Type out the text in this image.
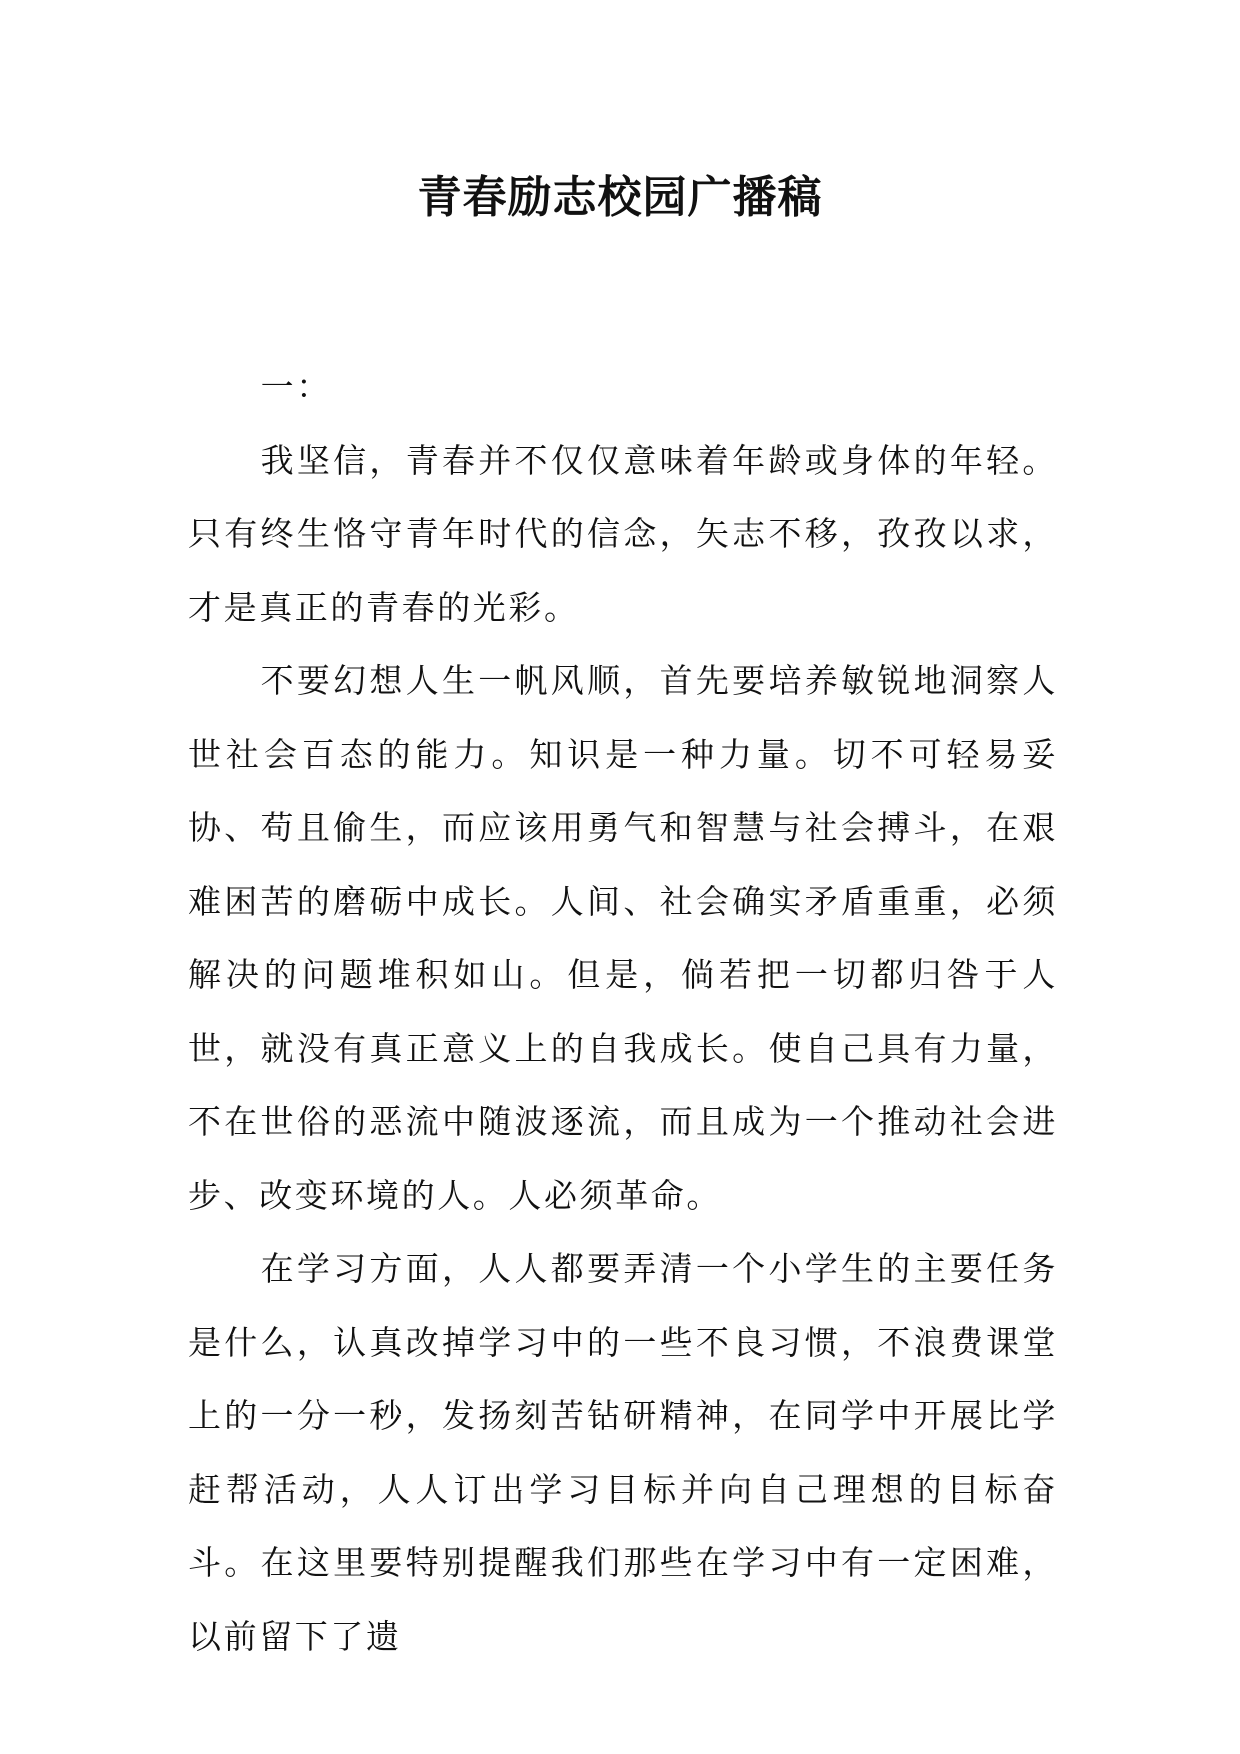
青春励志校园广播稿

一：

我坚信，青春并不仅仅意味着年龄或身体的年轻。只有终生恪守青年时代的信念，矢志不移，孜孜以求，才是真正的青春的光彩。

不要幻想人生一帆风顺，首先要培养敏锐地洞察人世社会百态的能力。知识是一种力量。切不可轻易妥协、苟且偷生，而应该用勇气和智慧与社会搏斗，在艰难困苦的磨砺中成长。人间、社会确实矛盾重重，必须解决的问题堆积如山。但是，倘若把一切都归咎于人世，就没有真正意义上的自我成长。使自己具有力量，不在世俗的恶流中随波逐流，而且成为一个推动社会进步、改变环境的人。人必须革命。

在学习方面，人人都要弄清一个小学生的主要任务是什么，认真改掉学习中的一些不良习惯，不浪费课堂上的一分一秒，发扬刻苦钻研精神，在同学中开展比学赶帮活动，人人订出学习目标并向自己理想的目标奋斗。在这里要特别提醒我们那些在学习中有一定困难，以前留下了遗
